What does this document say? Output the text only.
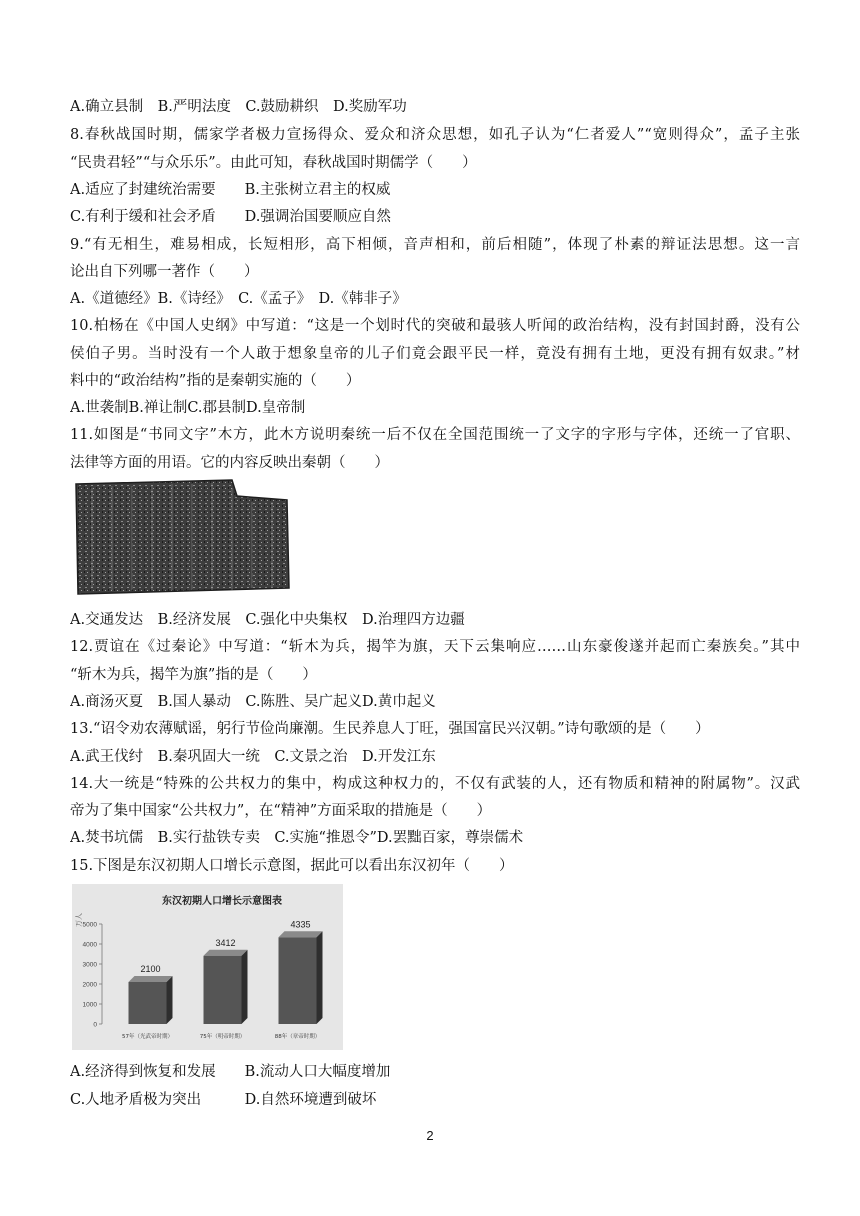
A.确立县制　B.严明法度　C.鼓励耕织　D.奖励军功
8.春秋战国时期，儒家学者极力宣扬得众、爱众和济众思想，如孔子认为“仁者爱人”“宽则得众”，孟子主张
“民贵君轻”“与众乐乐”。由此可知，春秋战国时期儒学（　　）
A.适应了封建统治需要　　B.主张树立君主的权威
C.有利于缓和社会矛盾　　D.强调治国要顺应自然
9.“有无相生，难易相成，长短相形，高下相倾，音声相和，前后相随”，体现了朴素的辩证法思想。这一言
论出自下列哪一著作（　　）
A.《道德经》B.《诗经》　C.《孟子》　D.《韩非子》
10.柏杨在《中国人史纲》中写道：“这是一个划时代的突破和最骇人听闻的政治结构，没有封国封爵，没有公
侯伯子男。当时没有一个人敢于想象皇帝的儿子们竟会跟平民一样，竟没有拥有土地，更没有拥有奴隶。”材
料中的“政治结构”指的是秦朝实施的（　　）
A.世袭制B.禅让制C.郡县制D.皇帝制
11.如图是“书同文字”木方，此木方说明秦统一后不仅在全国范围统一了文字的字形与字体，还统一了官职、
法律等方面的用语。它的内容反映出秦朝（　　）
A.交通发达　B.经济发展　C.强化中央集权　D.治理四方边疆
12.贾谊在《过秦论》中写道：“斩木为兵，揭竿为旗，天下云集响应……山东豪俊遂并起而亡秦族矣。”其中
“斩木为兵，揭竿为旗”指的是（　　）
A.商汤灭夏　B.国人暴动　C.陈胜、吴广起义D.黄巾起义
13.“诏令劝农薄赋谣，躬行节俭尚廉潮。生民养息人丁旺，强国富民兴汉朝。”诗句歌颂的是（　　）
A.武王伐纣　B.秦巩固大一统　C.文景之治　D.开发江东
14.大一统是“特殊的公共权力的集中，构成这种权力的，不仅有武装的人，还有物质和精神的附属物”。汉武
帝为了集中国家“公共权力”，在“精神”方面采取的措施是（　　）
A.焚书坑儒　B.实行盐铁专卖　C.实施“推恩令”D.罢黜百家，尊崇儒术
15.下图是东汉初期人口增长示意图，据此可以看出东汉初年（　　）
东汉初期人口增长示意图表
万人
0
1000
2000
3000
4000
5000
2100
3412
4335
57年（光武帝时期）	75年（明帝时期）	88年（章帝时期）
A.经济得到恢复和发展　　B.流动人口大幅度增加
C.人地矛盾极为突出　　　D.自然环境遭到破坏
2
